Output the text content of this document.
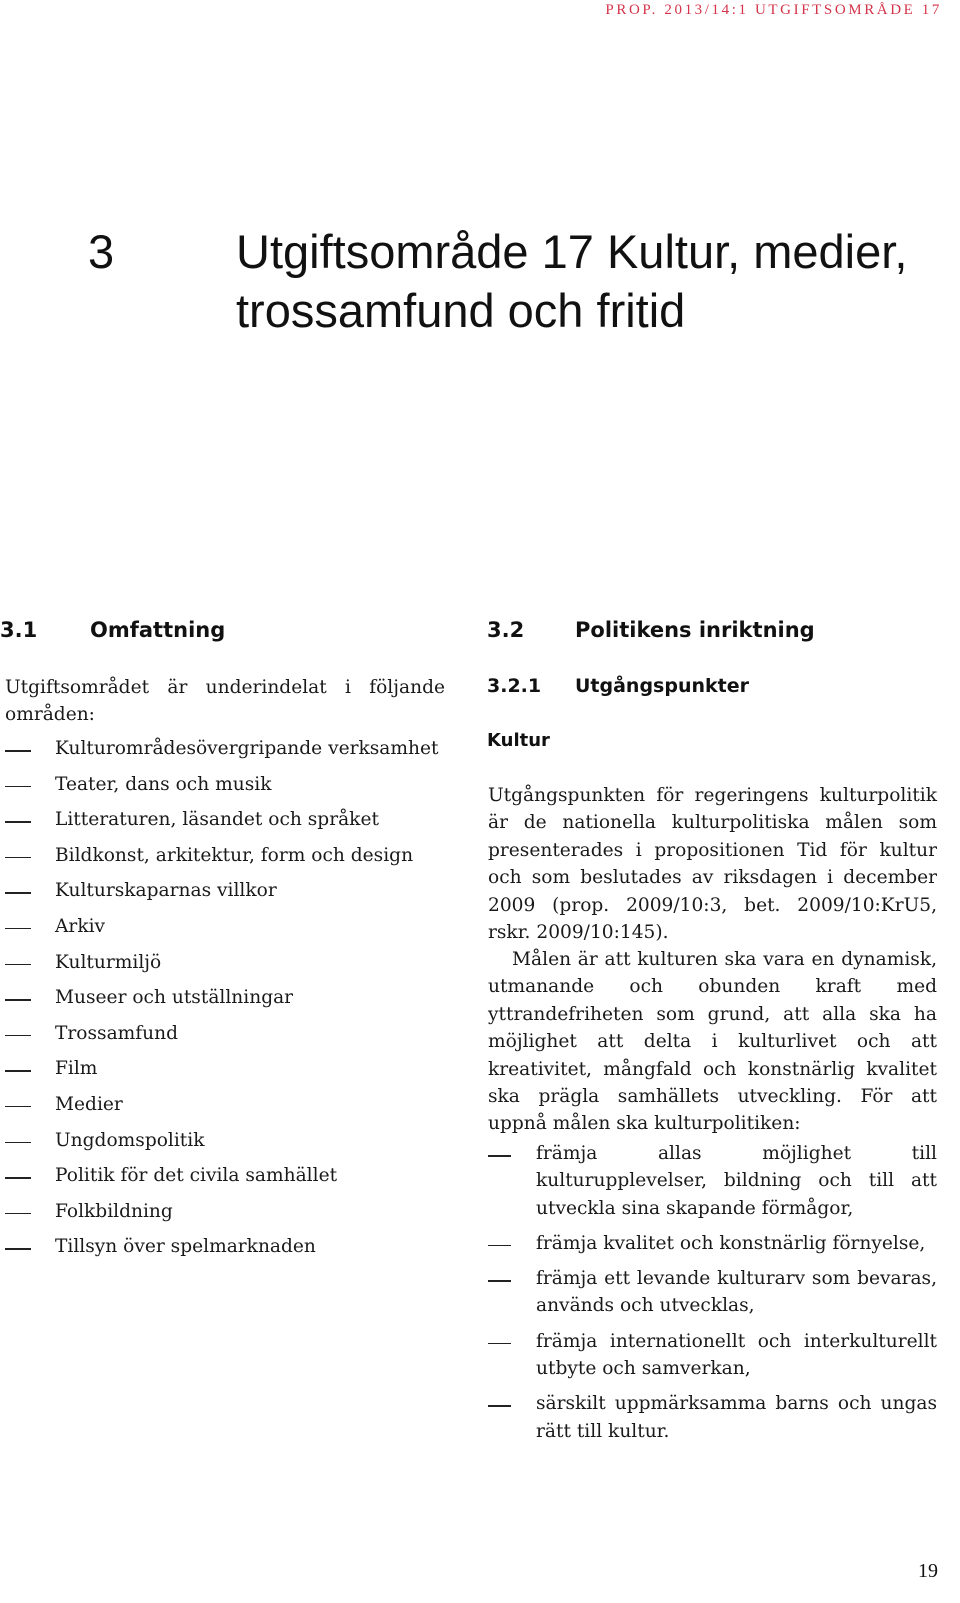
PROP. 2013/14:1 UTGIFTSOMRÅDE 17
3	Utgiftsområde 17 Kultur, medier,
trossamfund och fritid
3.1	Omfattning

Utgiftsområdet är underindelat i följande områden:

Kulturområdesövergripande verksamhet
Teater, dans och musik
Litteraturen, läsandet och språket
Bildkonst, arkitektur, form och design
Kulturskaparnas villkor
Arkiv
Kulturmiljö
Museer och utställningar
Trossamfund
Film
Medier
Ungdomspolitik
Politik för det civila samhället
Folkbildning
Tillsyn över spelmarknaden
3.2 Politikens inriktning
3.2.1 Utgångspunkter
Kultur

Utgångspunkten för regeringens kulturpolitik är de nationella kulturpolitiska målen som presenterades i propositionen Tid för kultur och som beslutades av riksdagen i december 2009 (prop. 2009/10:3, bet. 2009/10:KrU5, rskr. 2009/10:145).

Målen är att kulturen ska vara en dynamisk, utmanande och obunden kraft med yttrandefriheten som grund, att alla ska ha möjlighet att delta i kulturlivet och att kreativitet, mångfald och konstnärlig kvalitet ska prägla samhällets utveckling. För att uppnå målen ska kulturpolitiken:

främja allas möjlighet till kulturupplevelser, bildning och till att utveckla sina skapande förmågor,
främja kvalitet och konstnärlig förnyelse,
främja ett levande kulturarv som bevaras, används och utvecklas,
främja internationellt och interkulturellt utbyte och samverkan,
särskilt uppmärksamma barns och ungas rätt till kultur.
19
